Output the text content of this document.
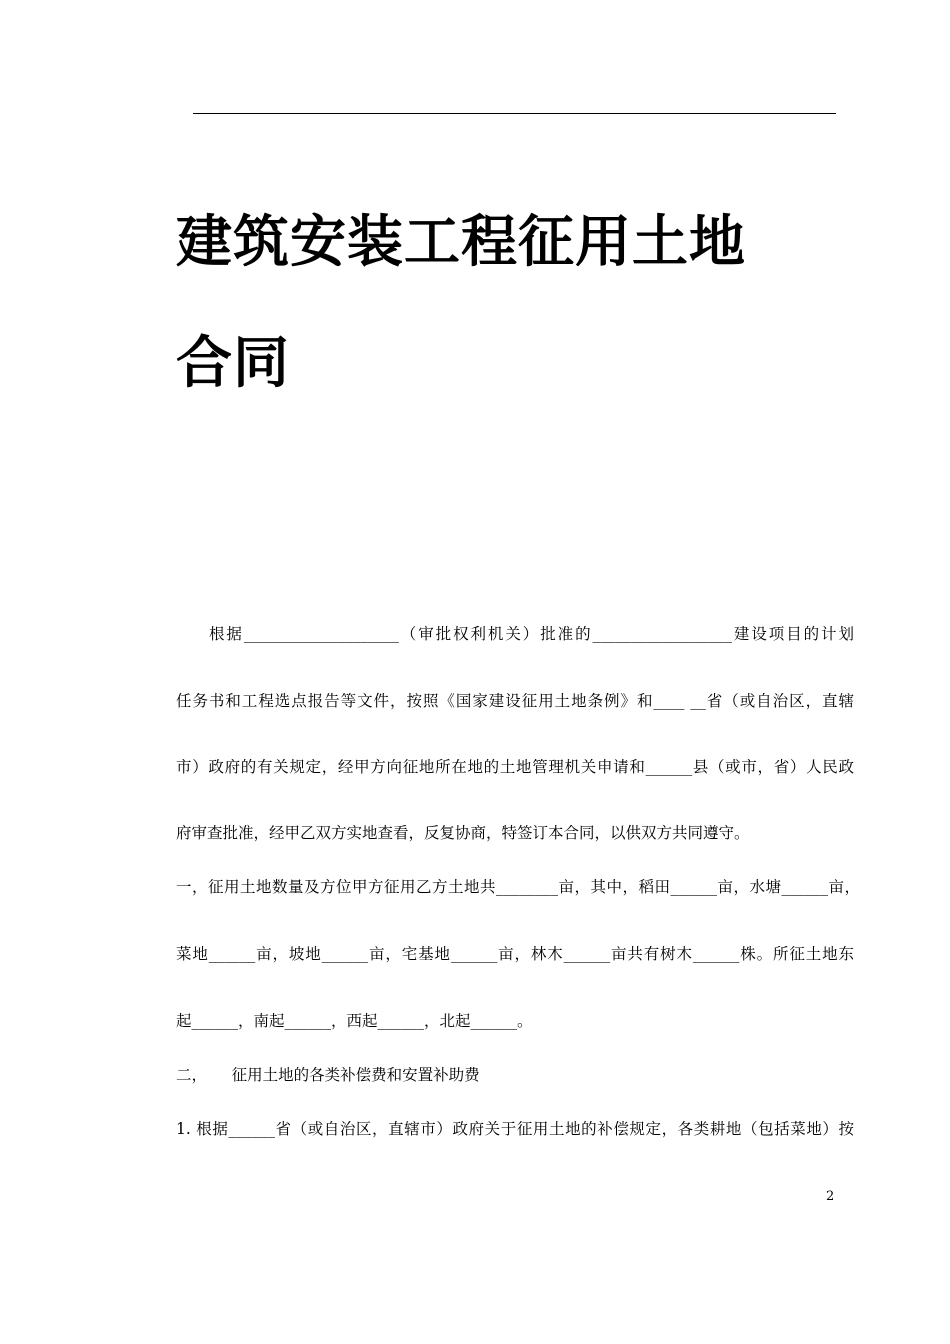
建筑安装工程征用土地
合同

根据____________________（审批权利机关）批准的__________________建设项目的计划

任务书和工程选点报告等文件，按照《国家建设征用土地条例》和____ __省（或自治区，直辖

市）政府的有关规定，经甲方向征地所在地的土地管理机关申请和______县（或市，省）人民政

府审查批准，经甲乙双方实地查看，反复协商，特签订本合同，以供双方共同遵守。

一，征用土地数量及方位甲方征用乙方土地共________亩，其中，稻田______亩，水塘______亩，

菜地______亩，坡地______亩，宅基地______亩，林木______亩共有树木______株。所征土地东

起______，南起______，西起______，北起______。

二，     征用土地的各类补偿费和安置补助费

1. 根据______省（或自治区，直辖市）政府关于征用土地的补偿规定，各类耕地（包括菜地）按

2
